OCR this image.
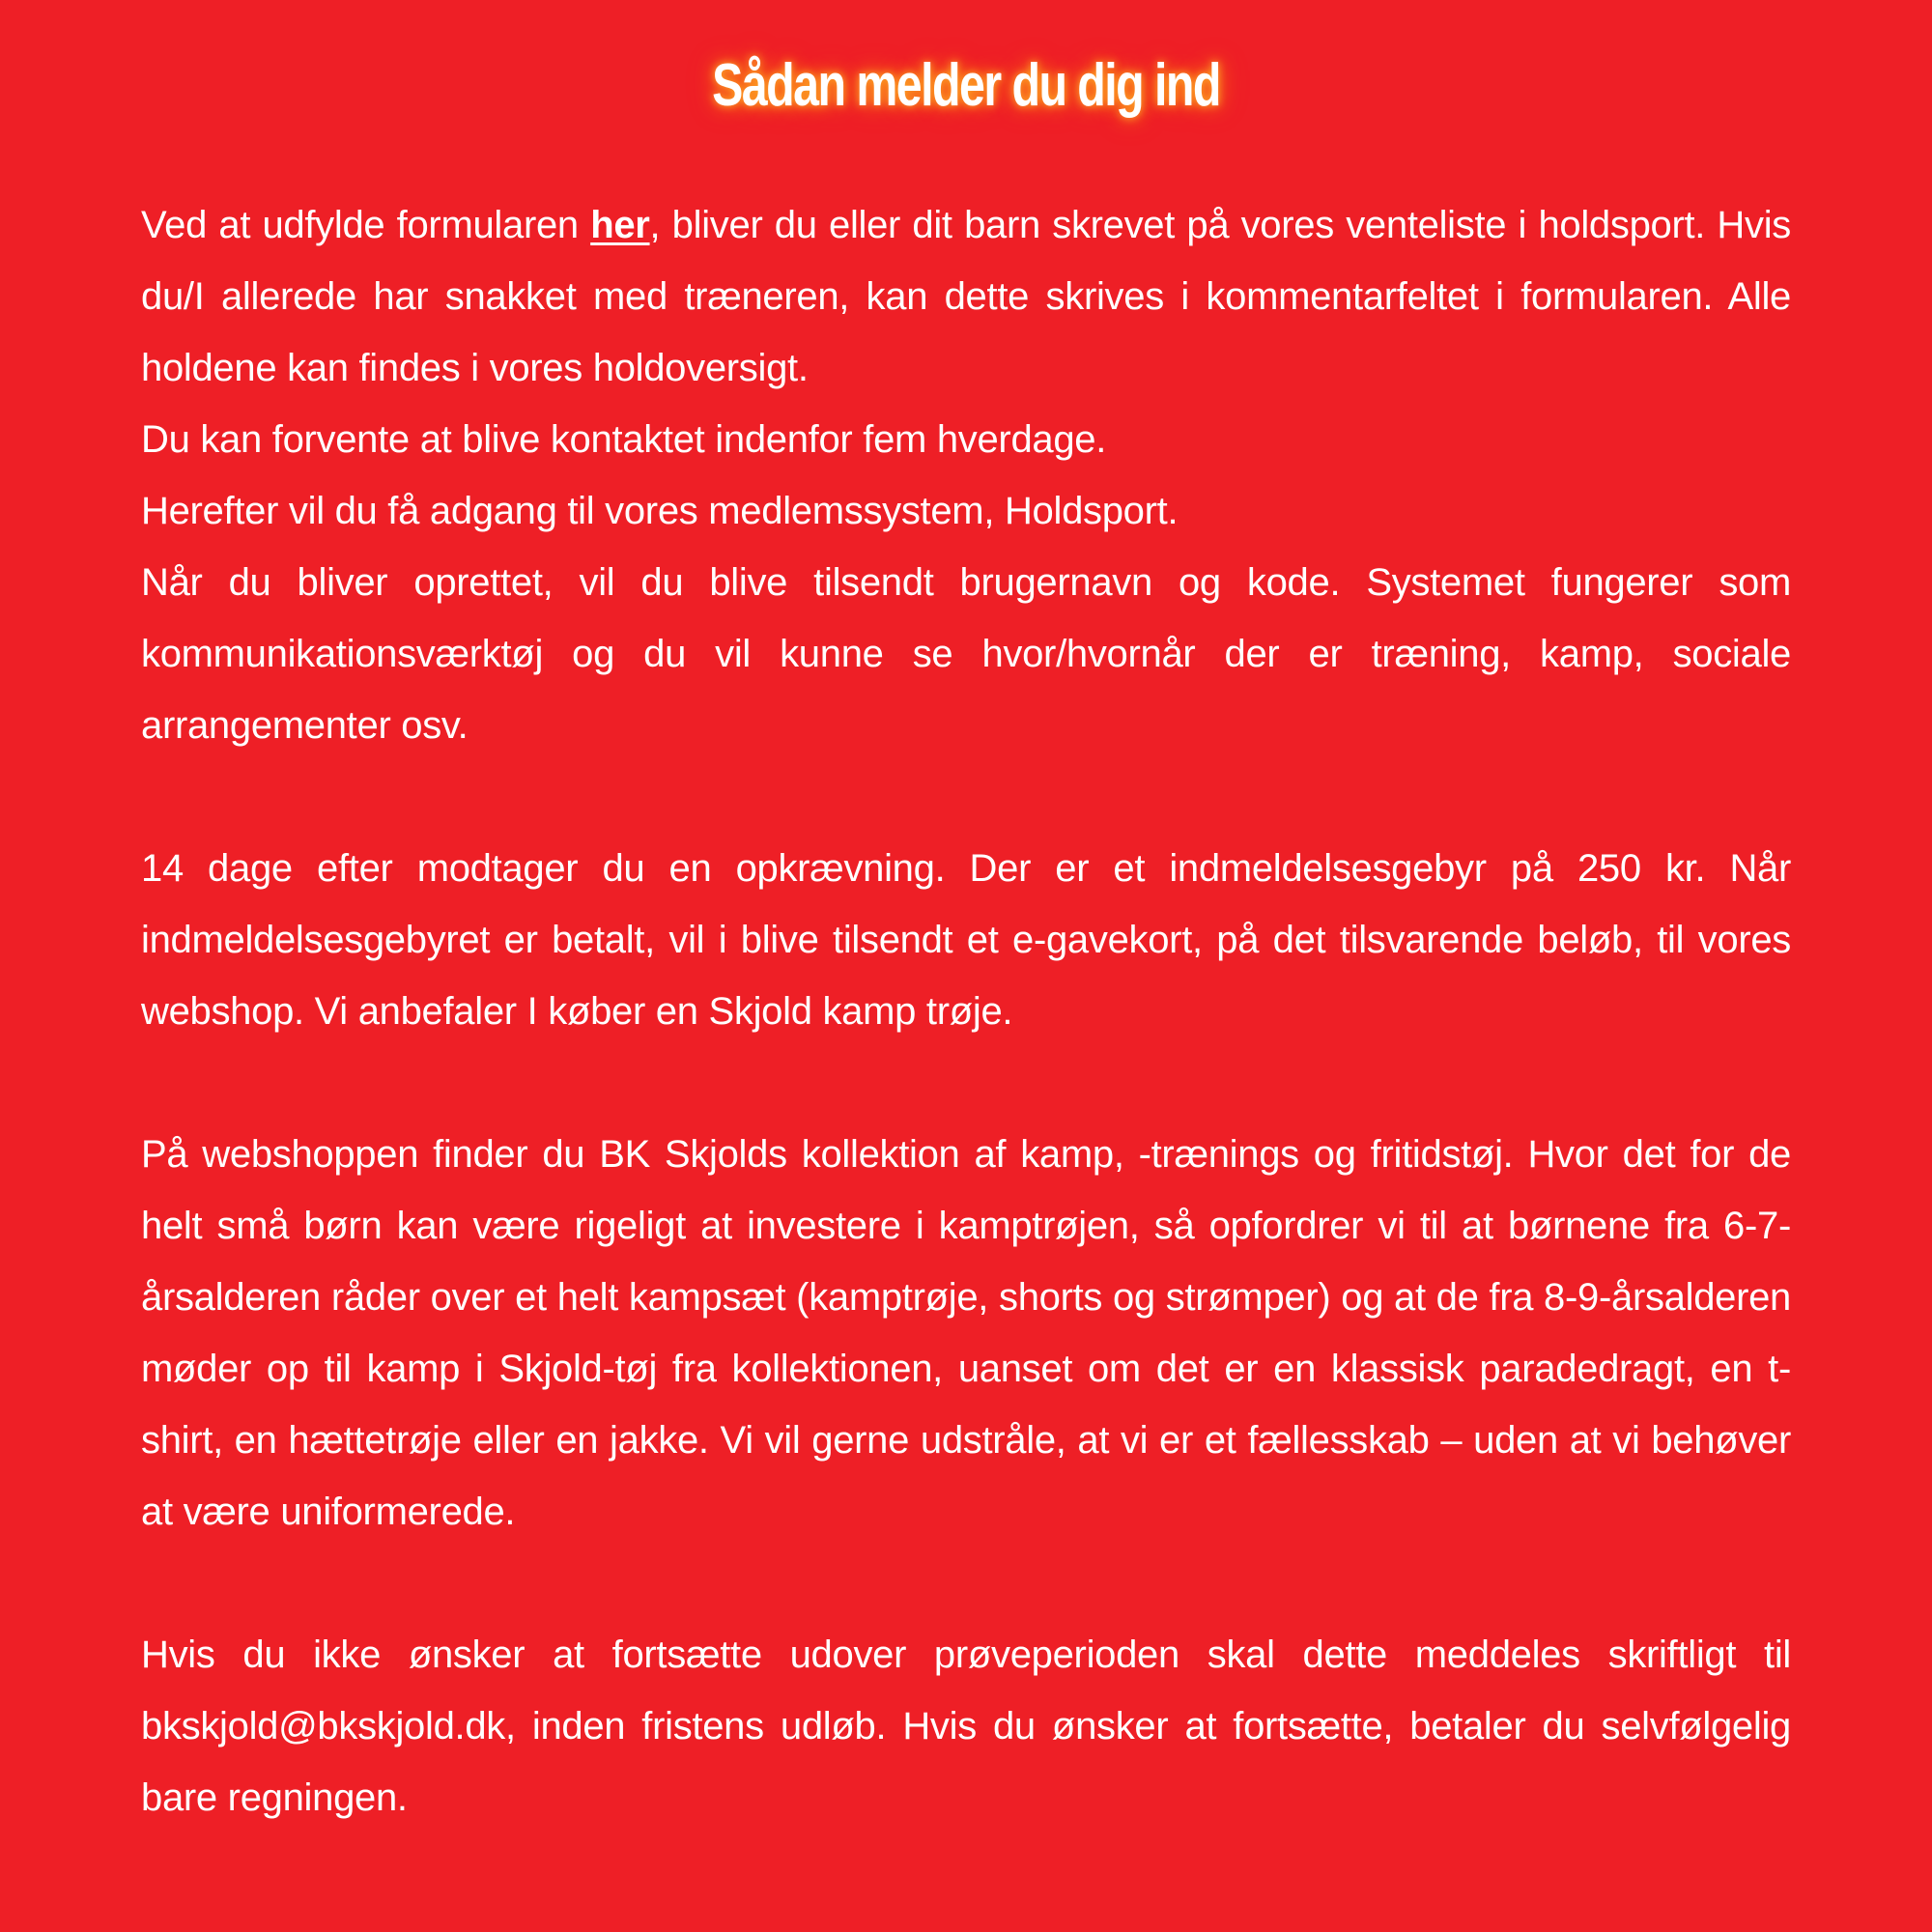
Sådan melder du dig ind

Ved at udfylde formularen her, bliver du eller dit barn skrevet på vores venteliste i holdsport. Hvis du/I allerede har snakket med træneren, kan dette skrives i kommentarfeltet i formularen. Alle holdene kan findes i vores holdoversigt.

Du kan forvente at blive kontaktet indenfor fem hverdage.

Herefter vil du få adgang til vores medlemssystem, Holdsport.

Når du bliver oprettet, vil du blive tilsendt brugernavn og kode. Systemet fungerer som kommunikationsværktøj og du vil kunne se hvor/hvornår der er træning, kamp, sociale arrangementer osv.

14 dage efter modtager du en opkrævning. Der er et indmeldelsesgebyr på 250 kr. Når indmeldelsesgebyret er betalt, vil i blive tilsendt et e-gavekort, på det tilsvarende beløb, til vores webshop. Vi anbefaler I køber en Skjold kamp trøje.

På webshoppen finder du BK Skjolds kollektion af kamp, -trænings og fritidstøj. Hvor det for de helt små børn kan være rigeligt at investere i kamptrøjen, så opfordrer vi til at børnene fra 6-7-årsalderen råder over et helt kampsæt (kamptrøje, shorts og strømper) og at de fra 8-9-årsalderen møder op til kamp i Skjold-tøj fra kollektionen, uanset om det er en klassisk paradedragt, en t-shirt, en hættetrøje eller en jakke. Vi vil gerne udstråle, at vi er et fællesskab – uden at vi behøver at være uniformerede.

Hvis du ikke ønsker at fortsætte udover prøveperioden skal dette meddeles skriftligt til bkskjold@bkskjold.dk, inden fristens udløb. Hvis du ønsker at fortsætte, betaler du selvfølgelig bare regningen.
